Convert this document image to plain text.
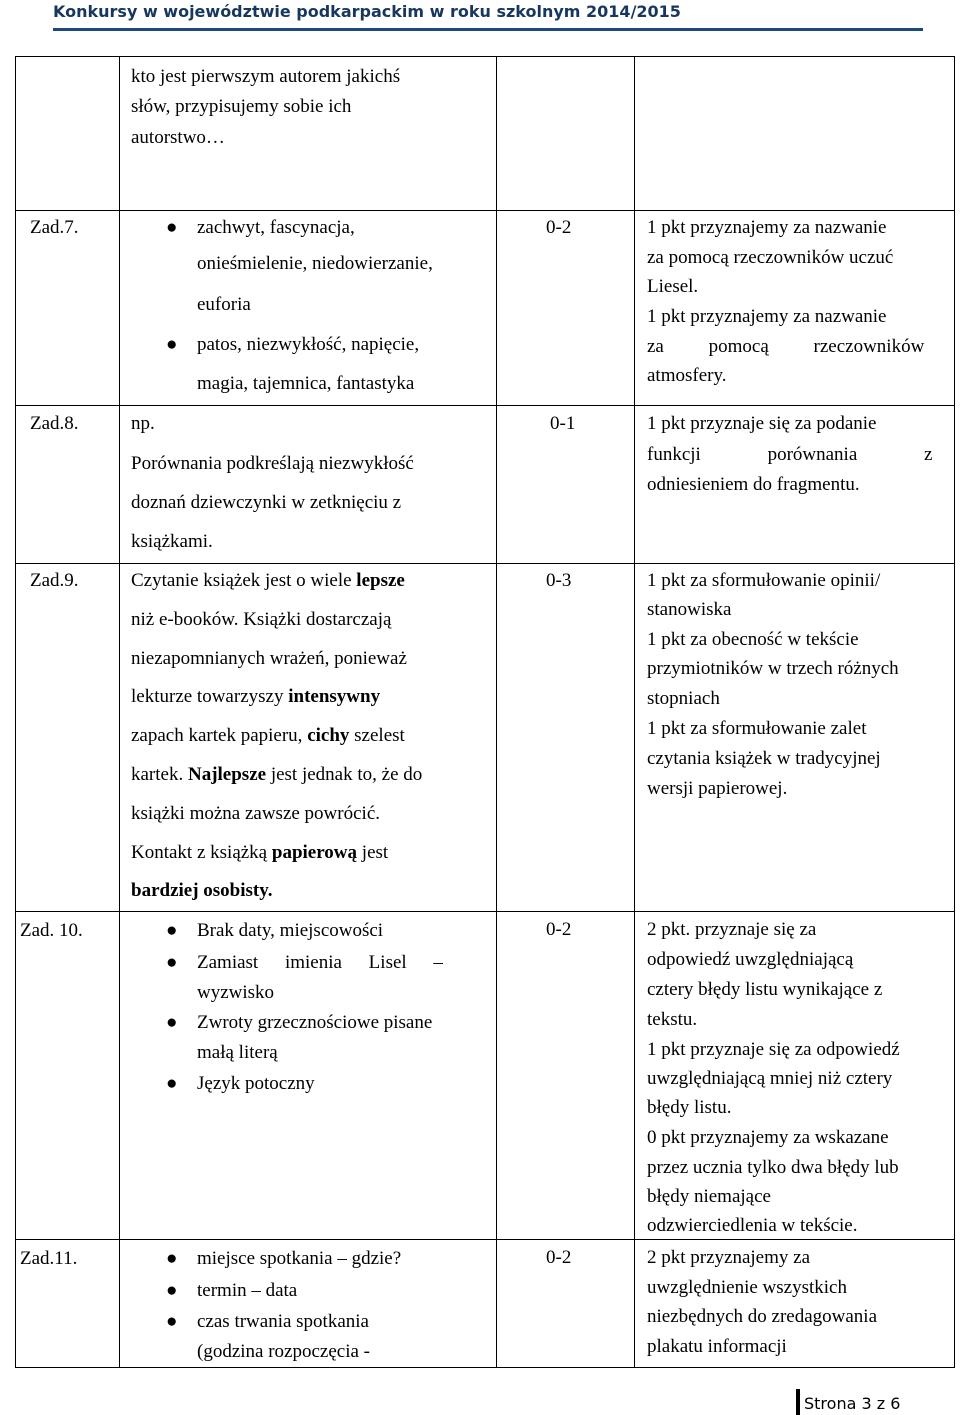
Konkursy w województwie podkarpackim w roku szkolnym 2014/2015
kto jest pierwszym autorem jakichś
słów, przypisujemy sobie ich
autorstwo…
Zad.7.	● zachwyt, fascynacja,
onieśmielenie, niedowierzanie,
euforia
● patos, niezwykłość, napięcie,
magia, tajemnica, fantastyka
0-2	1 pkt przyznajemy za nazwanie
za pomocą rzeczowników uczuć
Liesel.
1 pkt przyznajemy za nazwanie
za pomocą rzeczowników
atmosfery.
Zad.8.	np.
Porównania podkreślają niezwykłość
doznań dziewczynki w zetknięciu z
książkami.
0-1	1 pkt przyznaje się za podanie
funkcji porównania z
odniesieniem do fragmentu.
Zad.9.	Czytanie książek jest o wiele lepsze
niż e-booków. Książki dostarczają
niezapomnianych wrażeń, ponieważ
lekturze towarzyszy intensywny
zapach kartek papieru, cichy szelest
kartek. Najlepsze jest jednak to, że do
książki można zawsze powrócić.
Kontakt z książką papierową jest
bardziej osobisty.
0-3	1 pkt za sformułowanie opinii/
stanowiska
1 pkt za obecność w tekście
przymiotników w trzech różnych
stopniach
1 pkt za sformułowanie zalet
czytania książek w tradycyjnej
wersji papierowej.
Zad. 10.	● Brak daty, miejscowości
● Zamiast imienia Lisel –
wyzwisko
● Zwroty grzecznościowe pisane
małą literą
● Język potoczny
0-2	2 pkt. przyznaje się za
odpowiedź uwzględniającą
cztery błędy listu wynikające z
tekstu.
1 pkt przyznaje się za odpowiedź
uwzględniającą mniej niż cztery
błędy listu.
0 pkt przyznajemy za wskazane
przez ucznia tylko dwa błędy lub
błędy niemające
odzwierciedlenia w tekście.
Zad.11.	● miejsce spotkania – gdzie?
● termin – data
● czas trwania spotkania
(godzina rozpoczęcia -
0-2	2 pkt przyznajemy za
uwzględnienie wszystkich
niezbędnych do zredagowania
plakatu informacji
Strona 3 z 6
